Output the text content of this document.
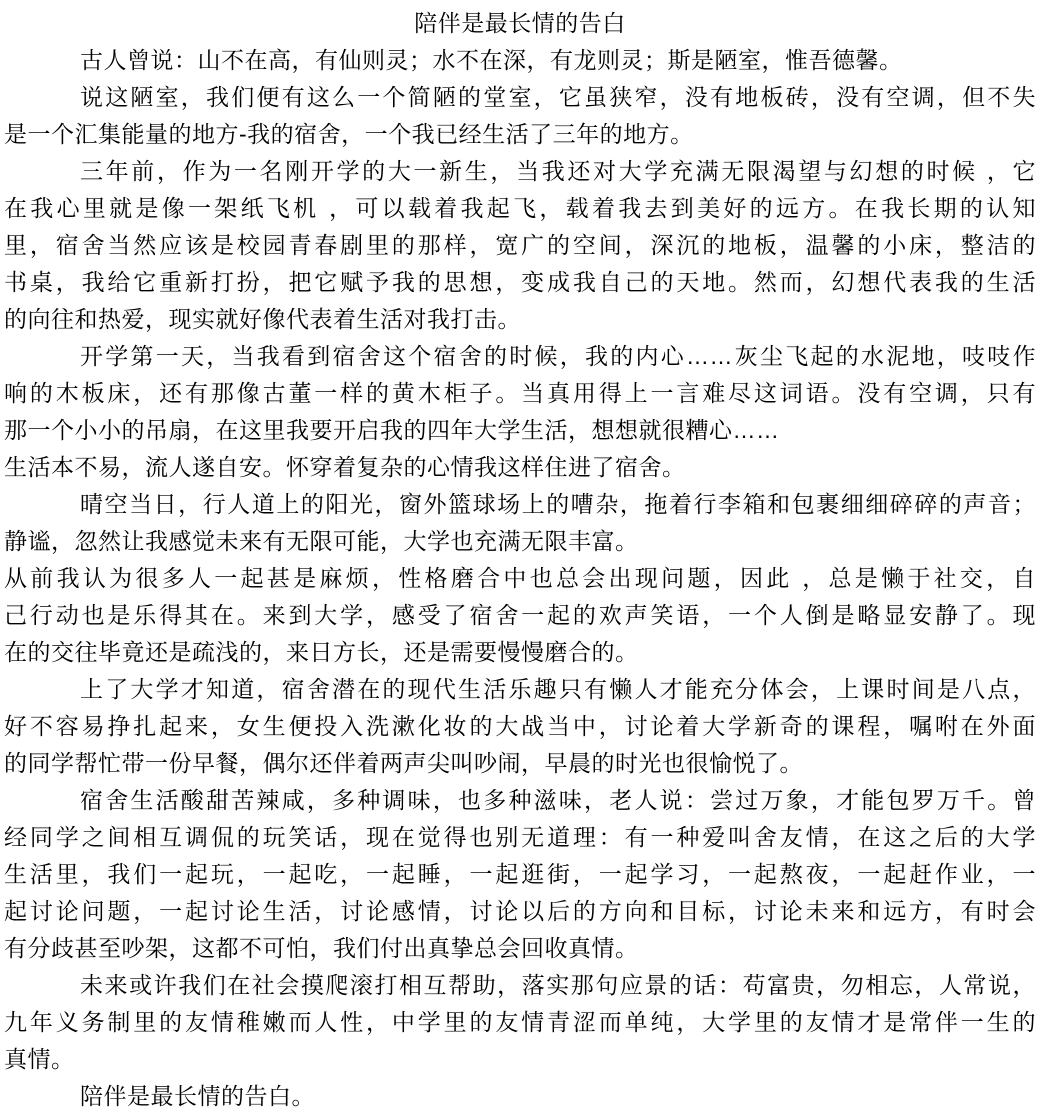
陪伴是最长情的告白
古人曾说：山不在高，有仙则灵；水不在深，有龙则灵；斯是陋室，惟吾德馨。
说这陋室，我们便有这么一个简陋的堂室，它虽狭窄，没有地板砖，没有空调，但不失
是一个汇集能量的地方-我的宿舍，一个我已经生活了三年的地方。
三年前，作为一名刚开学的大一新生，当我还对大学充满无限渴望与幻想的时候 ，它
在我心里就是像一架纸飞机 ，可以载着我起飞，载着我去到美好的远方。在我长期的认知
里，宿舍当然应该是校园青春剧里的那样，宽广的空间，深沉的地板，温馨的小床，整洁的
书桌，我给它重新打扮，把它赋予我的思想，变成我自己的天地。然而，幻想代表我的生活
的向往和热爱，现实就好像代表着生活对我打击。
开学第一天，当我看到宿舍这个宿舍的时候，我的内心……灰尘飞起的水泥地，吱吱作
响的木板床，还有那像古董一样的黄木柜子。当真用得上一言难尽这词语。没有空调，只有
那一个小小的吊扇，在这里我要开启我的四年大学生活，想想就很糟心……
生活本不易，流人遂自安。怀穿着复杂的心情我这样住进了宿舍。
晴空当日，行人道上的阳光，窗外篮球场上的嘈杂，拖着行李箱和包裹细细碎碎的声音；
静谧，忽然让我感觉未来有无限可能，大学也充满无限丰富。
从前我认为很多人一起甚是麻烦，性格磨合中也总会出现问题，因此 ，总是懒于社交，自
己行动也是乐得其在。来到大学，感受了宿舍一起的欢声笑语，一个人倒是略显安静了。现
在的交往毕竟还是疏浅的，来日方长，还是需要慢慢磨合的。
上了大学才知道，宿舍潜在的现代生活乐趣只有懒人才能充分体会，上课时间是八点，
好不容易挣扎起来，女生便投入洗漱化妆的大战当中，讨论着大学新奇的课程，嘱咐在外面
的同学帮忙带一份早餐，偶尔还伴着两声尖叫吵闹，早晨的时光也很愉悦了。
宿舍生活酸甜苦辣咸，多种调味，也多种滋味，老人说：尝过万象，才能包罗万千。曾
经同学之间相互调侃的玩笑话，现在觉得也别无道理：有一种爱叫舍友情，在这之后的大学
生活里，我们一起玩，一起吃，一起睡，一起逛街，一起学习，一起熬夜，一起赶作业，一
起讨论问题，一起讨论生活，讨论感情，讨论以后的方向和目标，讨论未来和远方，有时会
有分歧甚至吵架，这都不可怕，我们付出真挚总会回收真情。
未来或许我们在社会摸爬滚打相互帮助，落实那句应景的话：苟富贵，勿相忘，人常说，
九年义务制里的友情稚嫩而人性，中学里的友情青涩而单纯，大学里的友情才是常伴一生的
真情。
陪伴是最长情的告白。
